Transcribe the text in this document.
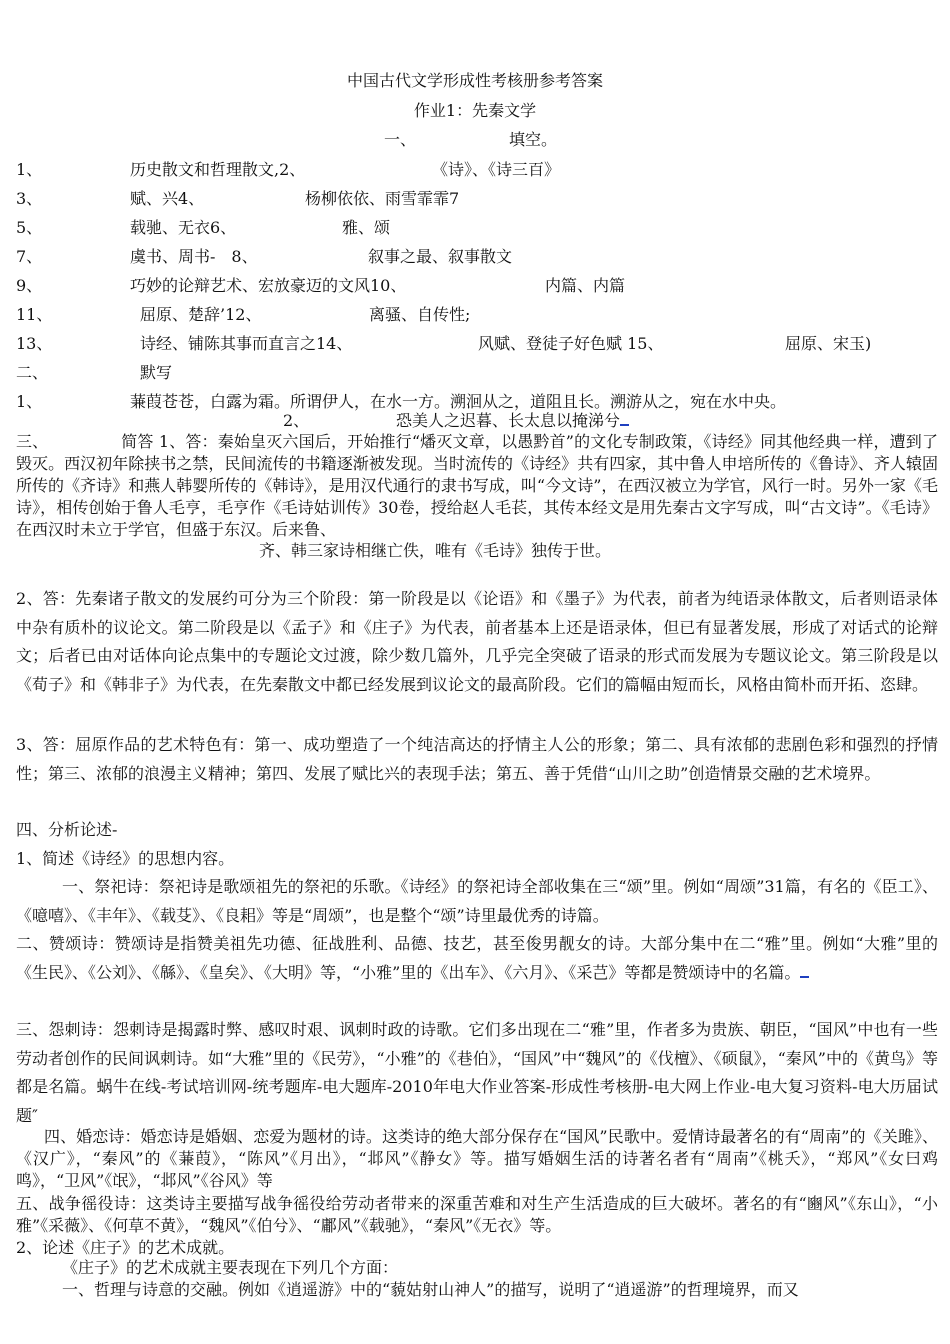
中国古代文学形成性考核册参考答案
作业1：先秦文学
一、	填空。
1、	历史散文和哲理散文,2、	《诗》、《诗三百》
3、	赋、兴4、	杨柳依依、雨雪霏霏7
5、	载驰、无衣6、	雅、颂
7、	虞书、周书-　8、	叙事之最、叙事散文
9、	巧妙的论辩艺术、宏放豪迈的文风10、	内篇、内篇
11、	屈原、楚辞’12、	离骚、自传性;
13、	诗经、铺陈其事而直言之14、	风赋、登徒子好色赋 15、	屈原、宋玉)
二、	默写
1、	蒹葭苍苍，白露为霜。所谓伊人，在水一方。溯洄从之，道阻且长。溯游从之，宛在水中央。
2、	恐美人之迟暮、长太息以掩涕兮
三、　　　　　简答 1、答：秦始皇灭六国后，开始推行“燔灭文章，以愚黔首”的文化专制政策，《诗经》同其他经典一样，遭到了毁灭。西汉初年除挟书之禁，民间流传的书籍逐渐被发现。当时流传的《诗经》共有四家，其中鲁人申培所传的《鲁诗》、齐人辕固所传的《齐诗》和燕人韩婴所传的《韩诗》，是用汉代通行的隶书写成，叫“今文诗”，在西汉被立为学官，风行一时。另外一家《毛诗》，相传创始于鲁人毛亨，毛亨作《毛诗姑训传》30卷，授给赵人毛苌，其传本经文是用先秦古文字写成，叫“古文诗”。《毛诗》在西汉时未立于学官，但盛于东汉。后来鲁、
齐、韩三家诗相继亡佚，唯有《毛诗》独传于世。
2、答：先秦诸子散文的发展约可分为三个阶段：第一阶段是以《论语》和《墨子》为代表，前者为纯语录体散文，后者则语录体中杂有质朴的议论文。第二阶段是以《孟子》和《庄子》为代表，前者基本上还是语录体，但已有显著发展，形成了对话式的论辩文；后者已由对话体向论点集中的专题论文过渡，除少数几篇外，几乎完全突破了语录的形式而发展为专题议论文。第三阶段是以《荀子》和《韩非子》为代表，在先秦散文中都已经发展到议论文的最高阶段。它们的篇幅由短而长，风格由简朴而开拓、恣肆。
3、答：屈原作品的艺术特色有：第一、成功塑造了一个纯洁高达的抒情主人公的形象；第二、具有浓郁的悲剧色彩和强烈的抒情性；第三、浓郁的浪漫主义精神；第四、发展了赋比兴的表现手法；第五、善于凭借“山川之助”创造情景交融的艺术境界。
四、分析论述-
1、简述《诗经》的思想内容。
一、祭祀诗：祭祀诗是歌颂祖先的祭祀的乐歌。《诗经》的祭祀诗全部收集在三“颂”里。例如“周颂”31篇，有名的《臣工》、《噫嘻》、《丰年》、《载芟》、《良耜》等是“周颂”，也是整个“颂”诗里最优秀的诗篇。
二、赞颂诗：赞颂诗是指赞美祖先功德、征战胜利、品德、技艺，甚至俊男靓女的诗。大部分集中在二“雅”里。例如“大雅”里的《生民》、《公刘》、《緜》、《皇矣》、《大明》等，“小雅”里的《出车》、《六月》、《采芑》等都是赞颂诗中的名篇。
三、怨刺诗：怨刺诗是揭露时弊、感叹时艰、讽刺时政的诗歌。它们多出现在二“雅”里，作者多为贵族、朝臣，“国风”中也有一些劳动者创作的民间讽刺诗。如“大雅”里的《民劳》，“小雅”的《巷伯》，“国风”中“魏风”的《伐檀》、《硕鼠》，“秦风”中的《黄鸟》等都是名篇。蜗牛在线-考试培训网-统考题库-电大题库-2010年电大作业答案-形成性考核册-电大网上作业-电大复习资料-电大历届试题″
四、婚恋诗：婚恋诗是婚姻、恋爱为题材的诗。这类诗的绝大部分保存在“国风”民歌中。爱情诗最著名的有“周南”的《关雎》、《汉广》，“秦风”的《蒹葭》，“陈风”《月出》，“邶风”《静女》等。描写婚姻生活的诗著名者有“周南”《桃夭》，“郑风”《女曰鸡鸣》，“卫风”《氓》，“邶风”《谷风》等
五、战争徭役诗：这类诗主要描写战争徭役给劳动者带来的深重苦难和对生产生活造成的巨大破坏。著名的有“豳风”《东山》，“小雅”《采薇》、《何草不黄》，“魏风”《伯兮》、“鄘风”《载驰》，“秦风”《无衣》等。
2、论述《庄子》的艺术成就。
《庄子》的艺术成就主要表现在下列几个方面：
一、哲理与诗意的交融。例如《逍遥游》中的“藐姑射山神人”的描写，说明了“逍遥游”的哲理境界，而又
